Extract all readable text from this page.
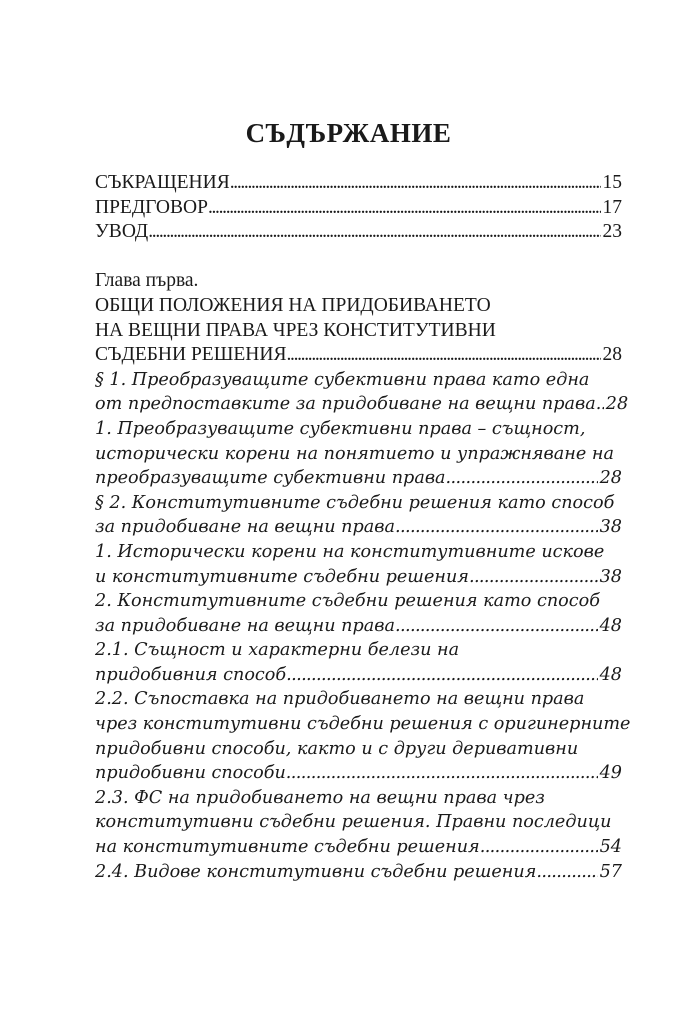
СЪДЪРЖАНИЕ
СЪКРАЩЕНИЯ . . .	15
ПРЕДГОВОР . . .	17
УВОД . . .	23
Глава първа.
ОБЩИ ПОЛОЖЕНИЯ НА ПРИДОБИВАНЕТО
НА ВЕЩНИ ПРАВА ЧРЕЗ КОНСТИТУТИВНИ
СЪДЕБНИ РЕШЕНИЯ . . .	28
§ 1. Преобразуващите субективни права като една
от предпоставките за придобиване на вещни права . . . 28
1. Преобразуващите субективни права – същност,
исторически корени на понятието и упражняване на
преобразуващите субективни права . . .	28
§ 2. Конститутивните съдебни решения като способ
за придобиване на вещни права . . .	38
1. Исторически корени на конститутивните искове
и конститутивните съдебни решения . . .	38
2. Конститутивните съдебни решения като способ
за придобиване на вещни права . . .	48
2.1. Същност и характерни белези на
придобивния способ . . .	48
2.2. Съпоставка на придобиването на вещни права
чрез конститутивни съдебни решения с оригинерните
придобивни способи, както и с други деривативни
придобивни способи . . .	49
2.3. ФС на придобиването на вещни права чрез
конститутивни съдебни решения. Правни последици
на конститутивните съдебни решения . . .	54
2.4. Видове конститутивни съдебни решения . . .	57
